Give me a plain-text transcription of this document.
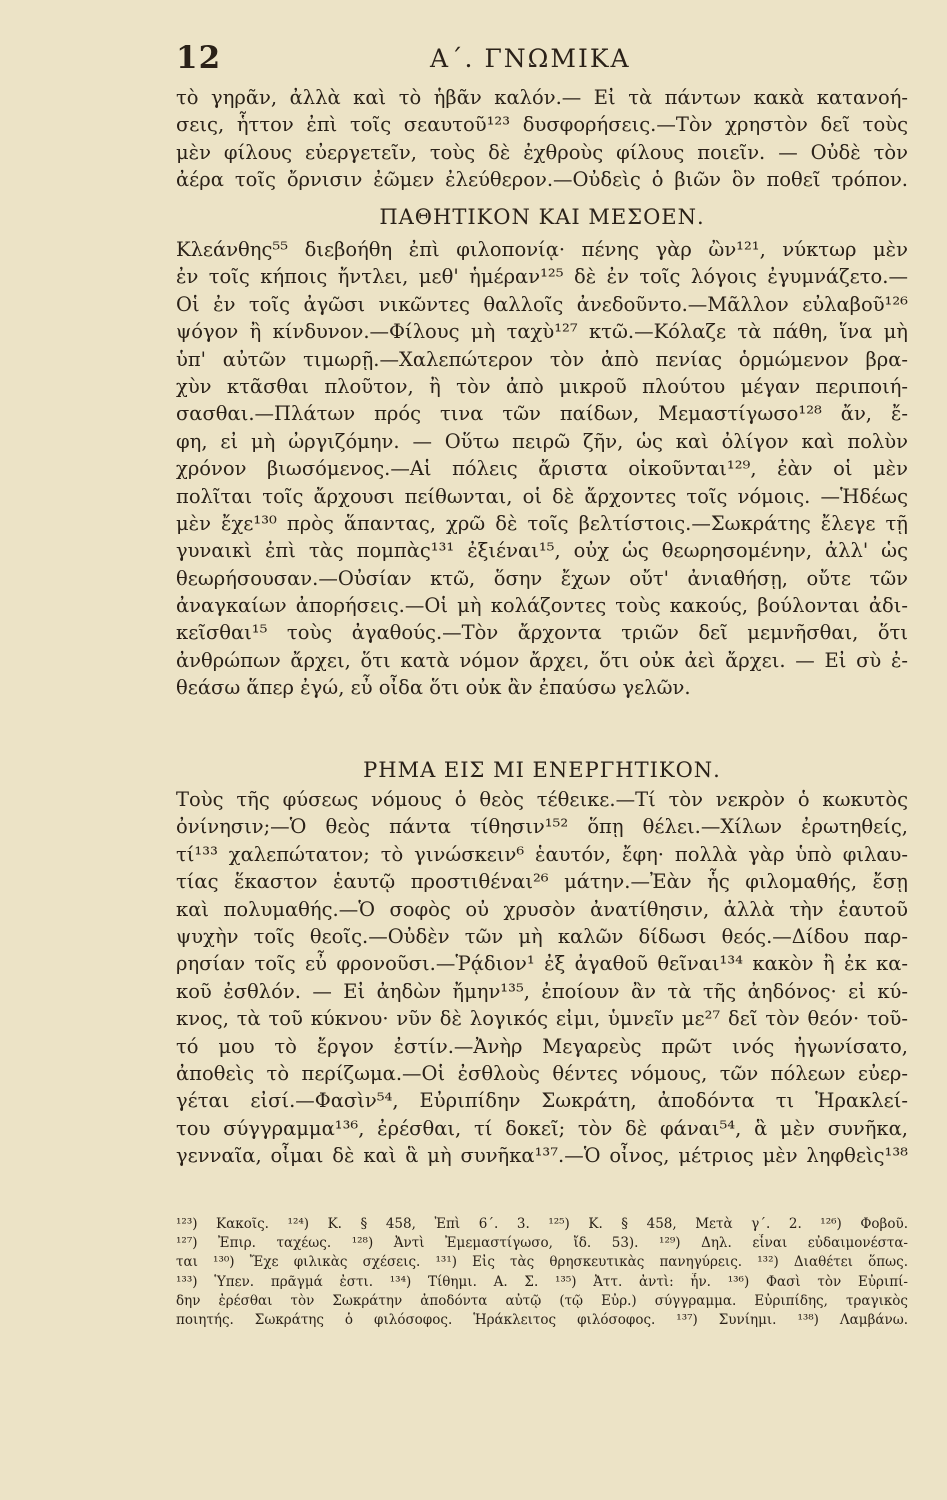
12	Α΄. ΓΝΩΜΙΚΑ
τὸ γηρᾶν, ἀλλὰ καὶ τὸ ἡβᾶν καλόν.— Εἰ τὰ πάντων κακὰ κατανοή-
σεις, ἧττον ἐπὶ τοῖς σεαυτοῦ¹²³ δυσφορήσεις.—Τὸν χρηστὸν δεῖ τοὺς
μὲν φίλους εὐεργετεῖν, τοὺς δὲ ἐχθροὺς φίλους ποιεῖν. — Οὐδὲ τὸν
ἀέρα τοῖς ὄρνισιν ἐῶμεν ἐλεύθερον.—Οὐδεὶς ὁ βιῶν ὃν ποθεῖ τρόπον.
ΠΑΘΗΤΙΚΟΝ ΚΑΙ ΜΕΣΟΕΝ.
Κλεάνθης⁵⁵ διεβοήθη ἐπὶ φιλοπονίᾳ· πένης γὰρ ὢν¹²¹, νύκτωρ μὲν
ἐν τοῖς κήποις ἤντλει, μεθ' ἡμέραν¹²⁵ δὲ ἐν τοῖς λόγοις ἐγυμνάζετο.—
Οἱ ἐν τοῖς ἀγῶσι νικῶντες θαλλοῖς ἀνεδοῦντο.—Μᾶλλον εὐλαβοῦ¹²⁶
ψόγον ἢ κίνδυνον.—Φίλους μὴ ταχὺ¹²⁷ κτῶ.—Κόλαζε τὰ πάθη, ἵνα μὴ
ὑπ' αὐτῶν τιμωρῇ.—Χαλεπώτερον τὸν ἀπὸ πενίας ὁρμώμενον βρα-
χὺν κτᾶσθαι πλοῦτον, ἢ τὸν ἀπὸ μικροῦ πλούτου μέγαν περιποιή-
σασθαι.—Πλάτων πρός τινα τῶν παίδων, Μεμαστίγωσο¹²⁸ ἄν, ἔ-
φη, εἰ μὴ ὠργιζόμην. — Οὕτω πειρῶ ζῆν, ὡς καὶ ὀλίγον καὶ πολὺν
χρόνον βιωσόμενος.—Αἱ πόλεις ἄριστα οἰκοῦνται¹²⁹, ἐὰν οἱ μὲν
πολῖται τοῖς ἄρχουσι πείθωνται, οἱ δὲ ἄρχοντες τοῖς νόμοις. —Ἡδέως
μὲν ἔχε¹³⁰ πρὸς ἅπαντας, χρῶ δὲ τοῖς βελτίστοις.—Σωκράτης ἔλεγε τῇ
γυναικὶ ἐπὶ τὰς πομπὰς¹³¹ ἐξιέναι¹⁵, οὐχ ὡς θεωρησομένην, ἀλλ' ὡς
θεωρήσουσαν.—Οὐσίαν κτῶ, ὅσην ἔχων οὔτ' ἀνιαθήσῃ, οὔτε τῶν
ἀναγκαίων ἀπορήσεις.—Οἱ μὴ κολάζοντες τοὺς κακούς, βούλονται ἀδι-
κεῖσθαι¹⁵ τοὺς ἀγαθούς.—Τὸν ἄρχοντα τριῶν δεῖ μεμνῆσθαι, ὅτι
ἀνθρώπων ἄρχει, ὅτι κατὰ νόμον ἄρχει, ὅτι οὐκ ἀεὶ ἄρχει. — Εἰ σὺ ἐ-
θεάσω ἅπερ ἐγώ, εὖ οἶδα ὅτι οὐκ ἂν ἐπαύσω γελῶν.
ΡΗΜΑ ΕΙΣ ΜΙ ΕΝΕΡΓΗΤΙΚΟΝ.
Τοὺς τῆς φύσεως νόμους ὁ θεὸς τέθεικε.—Τί τὸν νεκρὸν ὁ κωκυτὸς
ὀνίνησιν;—Ὁ θεὸς πάντα τίθησιν¹⁵² ὅπῃ θέλει.—Χίλων ἐρωτηθείς,
τί¹³³ χαλεπώτατον; τὸ γινώσκειν⁶ ἑαυτόν, ἔφη· πολλὰ γὰρ ὑπὸ φιλαυ-
τίας ἕκαστον ἑαυτῷ προστιθέναι²⁶ μάτην.—Ἐὰν ἧς φιλομαθής, ἔσῃ
καὶ πολυμαθής.—Ὁ σοφὸς οὐ χρυσὸν ἀνατίθησιν, ἀλλὰ τὴν ἑαυτοῦ
ψυχὴν τοῖς θεοῖς.—Οὐδὲν τῶν μὴ καλῶν δίδωσι θεός.—Δίδου παρ-
ρησίαν τοῖς εὖ φρονοῦσι.—Ῥᾴδιον¹ ἐξ ἀγαθοῦ θεῖναι¹³⁴ κακὸν ἢ ἐκ κα-
κοῦ ἐσθλόν. — Εἰ ἀηδὼν ἤμην¹³⁵, ἐποίουν ἂν τὰ τῆς ἀηδόνος· εἰ κύ-
κνος, τὰ τοῦ κύκνου· νῦν δὲ λογικός εἰμι, ὑμνεῖν με²⁷ δεῖ τὸν θεόν· τοῦ-
τό μου τὸ ἔργον ἐστίν.—Ἀνὴρ Μεγαρεὺς πρῶτ ινός ἠγωνίσατο,
ἀποθεὶς τὸ περίζωμα.—Οἱ ἐσθλοὺς θέντες νόμους, τῶν πόλεων εὐερ-
γέται εἰσί.—Φασὶν⁵⁴, Εὐριπίδην Σωκράτη, ἀποδόντα τι Ἡρακλεί-
του σύγγραμμα¹³⁶, ἐρέσθαι, τί δοκεῖ; τὸν δὲ φάναι⁵⁴, ἃ μὲν συνῆκα,
γενναῖα, οἶμαι δὲ καὶ ἃ μὴ συνῆκα¹³⁷.—Ὁ οἶνος, μέτριος μὲν ληφθεὶς¹³⁸
¹²³) Κακοῖς. ¹²⁴) Κ. § 458, Ἐπὶ 6΄. 3. ¹²⁵) Κ. § 458, Μετὰ γ΄. 2. ¹²⁶) Φοβοῦ.
¹²⁷) Ἐπιρ. ταχέως. ¹²⁸) Ἀντὶ Ἐμεμαστίγωσο, ἴδ. 53). ¹²⁹) Δηλ. εἶναι εὐδαιμονέστα-
ται ¹³⁰) Ἔχε φιλικὰς σχέσεις. ¹³¹) Εἰς τὰς θρησκευτικὰς πανηγύρεις. ¹³²) Διαθέτει ὅπως.
¹³³) Ὑπεν. πρᾶγμά ἐστι. ¹³⁴) Τίθημι. Α. Σ. ¹³⁵) Ἀττ. ἀντὶ: ἦν. ¹³⁶) Φασὶ τὸν Εὐριπί-
δην ἐρέσθαι τὸν Σωκράτην ἀποδόντα αὐτῷ (τῷ Εὐρ.) σύγγραμμα. Εὐριπίδης, τραγικὸς
ποιητής. Σωκράτης ὁ φιλόσοφος. Ἡράκλειτος φιλόσοφος. ¹³⁷) Συνίημι. ¹³⁸) Λαμβάνω.
